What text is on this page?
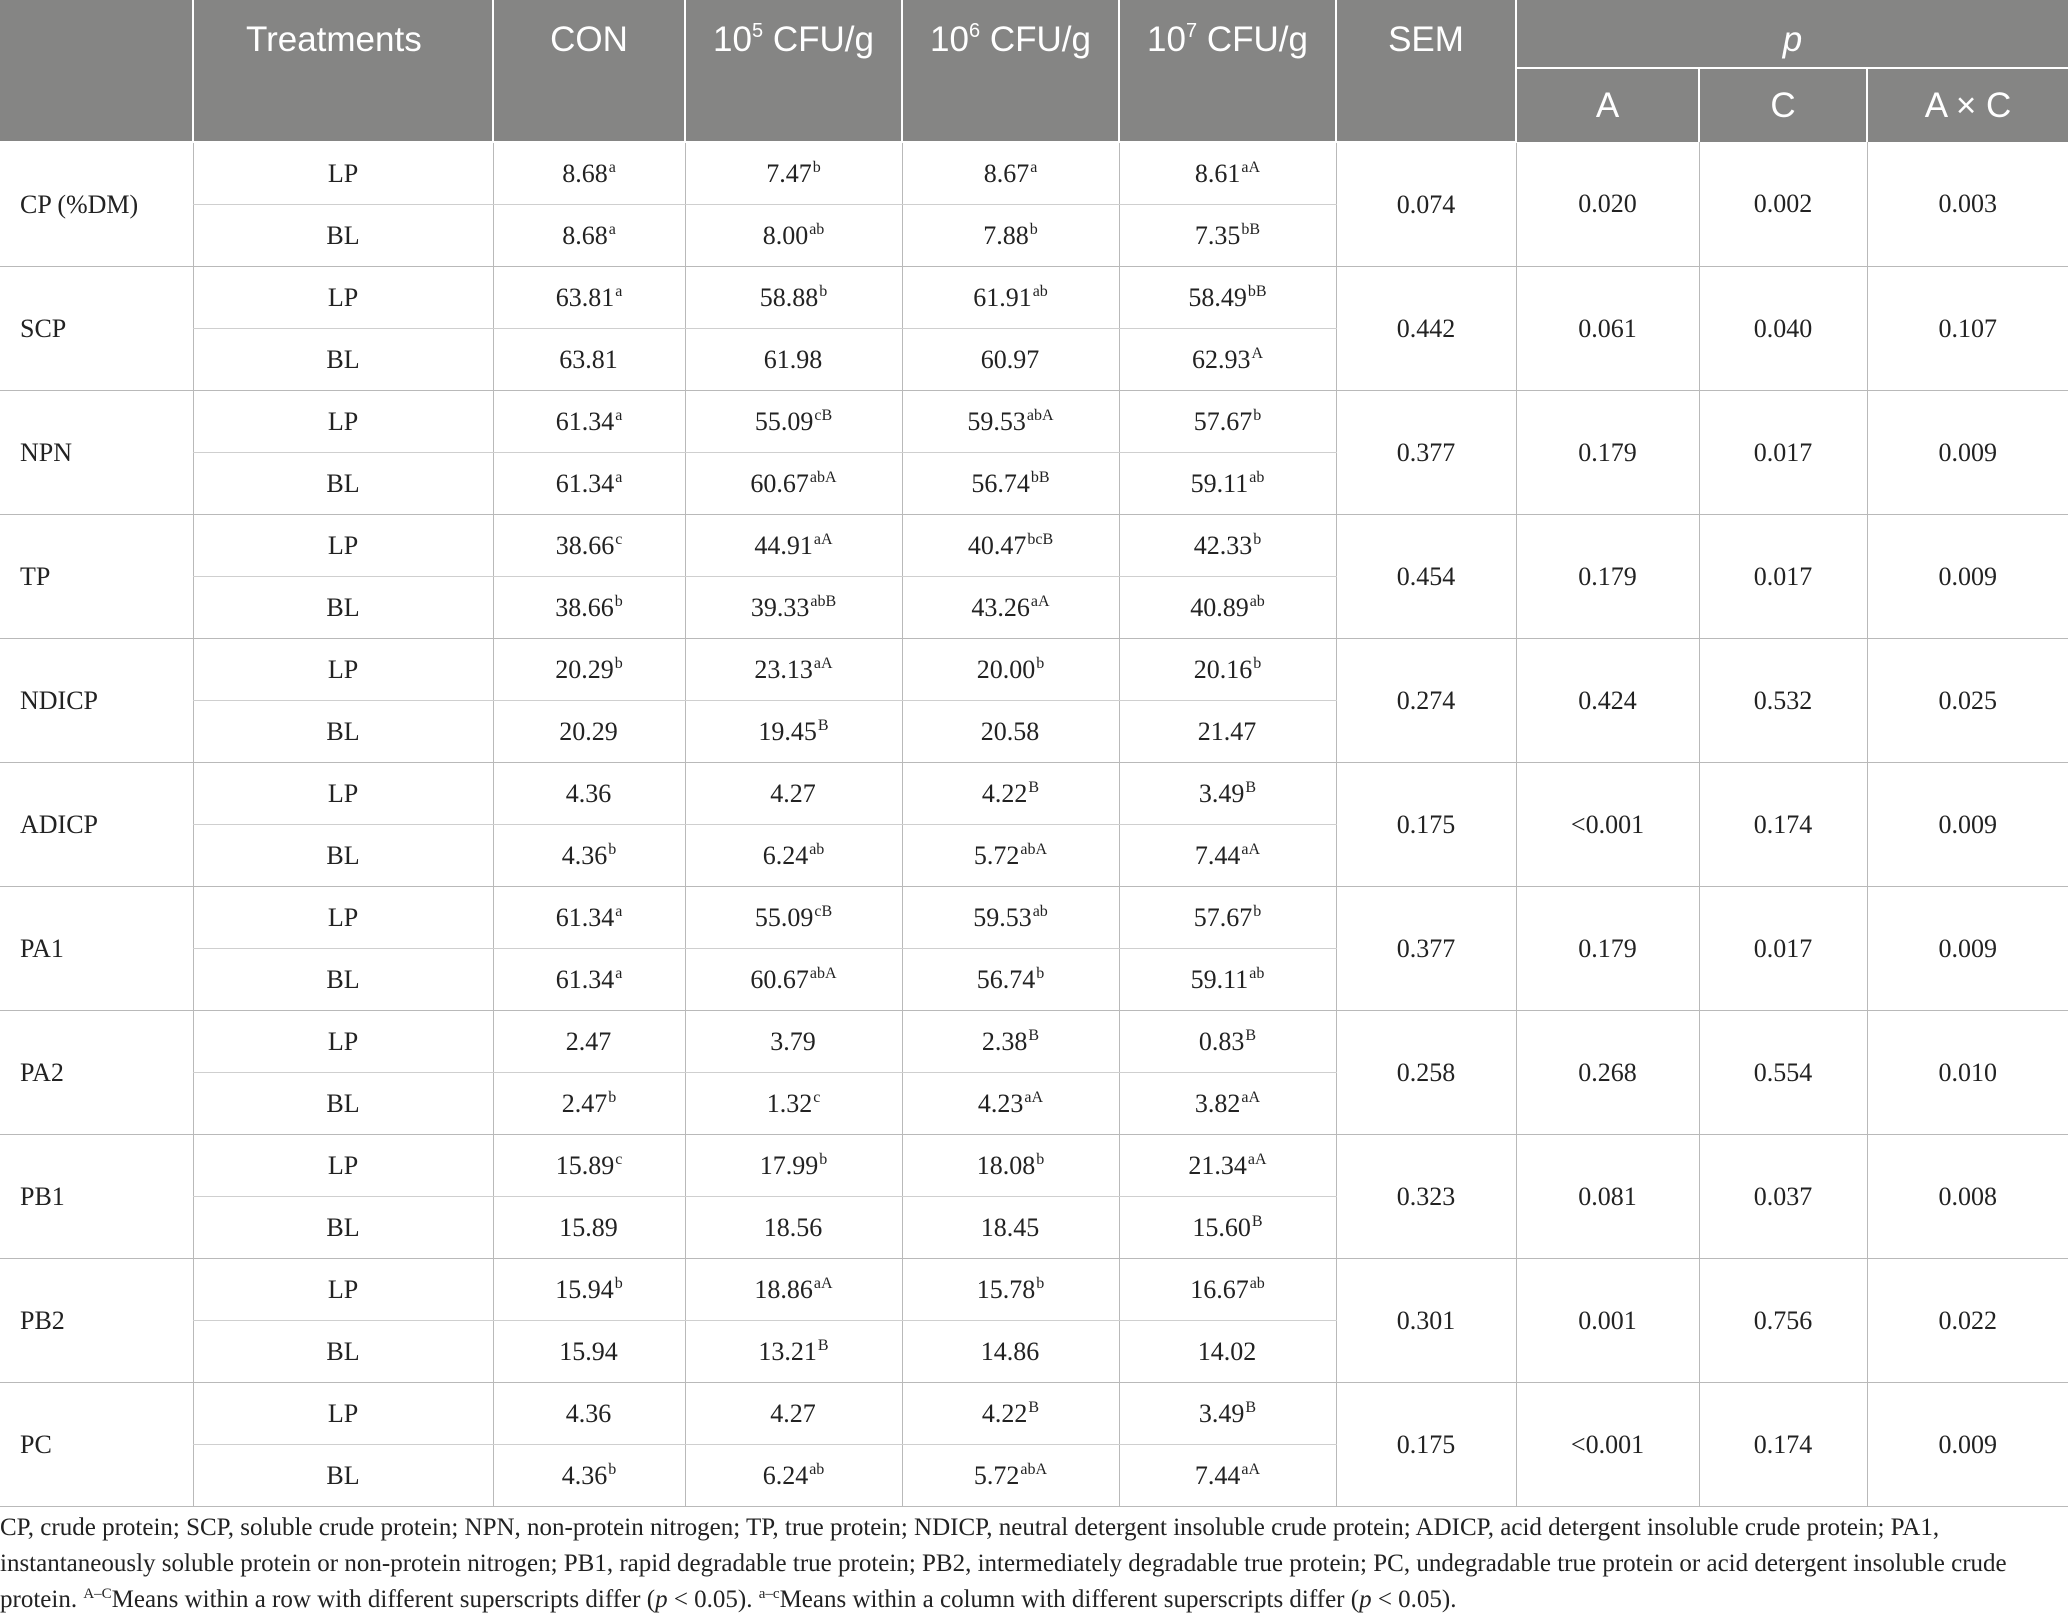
	Treatments	CON	$10^5$ CFU/g	$10^6$ CFU/g	$10^7$ CFU/g	SEM	p		
							A	C	A × C
CP (%DM)	LP	8.68$^a$	7.47$^b$	8.67$^a$	$8.61^{aA}$	0.074	0.020	0.002	0.003
	BL	8.68$^a$	8.00$^{ab}$	7.88$^b$	$7.35^{bB}$
SCP	LP	63.81$^a$	58.88$^b$	61.91$^{ab}$	$58.49^{bB}$	0.442	0.061	0.040	0.107
	BL	63.81	61.98	60.97	$62.93^A$
NPN	LP	61.34$^a$	$55.09^{cB}$	$59.53^{abA}$	57.67$^b$	0.377	0.179	0.017	0.009
	BL	61.34$^a$	$60.67^{abA}$	$56.74^{bB}$	59.11$^{ab}$
TP	LP	38.66$^c$	$44.91^{aA}$	$40.47^{bcB}$	42.33$^b$	0.454	0.179	0.017	0.009
	BL	38.66$^b$	$39.33^{abB}$	$43.26^{aA}$	40.89$^{ab}$
NDICP	LP	20.29$^b$	$23.13^{aA}$	20.00$^b$	20.16$^b$	0.274	0.424	0.532	0.025
	BL	20.29	$19.45^B$	20.58	21.47				
ADICP	LP	4.36	4.27	$4.22^B$	$3.49^B$	0.175	<0.001	0.174	0.009
	BL	4.36$^b$	6.24$^{ab}$	$5.72^{abA}$	$7.44^{aA}$
PA1	LP	61.34$^a$	$55.09^{cB}$	59.53$^{ab}$	57.67$^b$	0.377	0.179	0.017	0.009
	BL	61.34$^a$	$60.67^{abA}$	56.74$^b$	59.11$^{ab}$
PA2	LP	2.47	3.79	$2.38^B$	$0.83^B$	0.258	0.268	0.554	0.010
	BL	2.47$^b$	1.32$^c$	$4.23^{aA}$	$3.82^{aA}$
PB1	LP	15.89$^c$	17.99$^b$	18.08$^b$	$21.34^{aA}$	0.323	0.081	0.037	0.008
	BL	15.89	18.56	18.45	$15.60^B$
PB2	LP	15.94$^b$	$18.86^{aA}$	15.78$^b$	16.67$^{ab}$	0.301	0.001	0.756	0.022
	BL	15.94	$13.21^B$	14.86	14.02				
PC	LP	4.36	4.27	$4.22^B$	$3.49^B$	0.175	<0.001	0.174	0.009
	BL	4.36$^b$	6.24$^{ab}$	$5.72^{abA}$	$7.44^{aA}$
CP, crude protein; SCP, soluble crude protein; NPN, non-protein nitrogen; TP, true protein; NDICP, neutral detergent insoluble crude protein; ADICP, acid detergent insoluble crude protein; PA1, instantaneously soluble protein or non-protein nitrogen; PB1, rapid degradable true protein; PB2, intermediately degradable true protein; PC, undegradable true protein or acid detergent insoluble crude protein. $^{A-C}$Means within a row with different superscripts differ (p < 0.05). $^{a-c}$Means within a column with different superscripts differ (p < 0.05).
